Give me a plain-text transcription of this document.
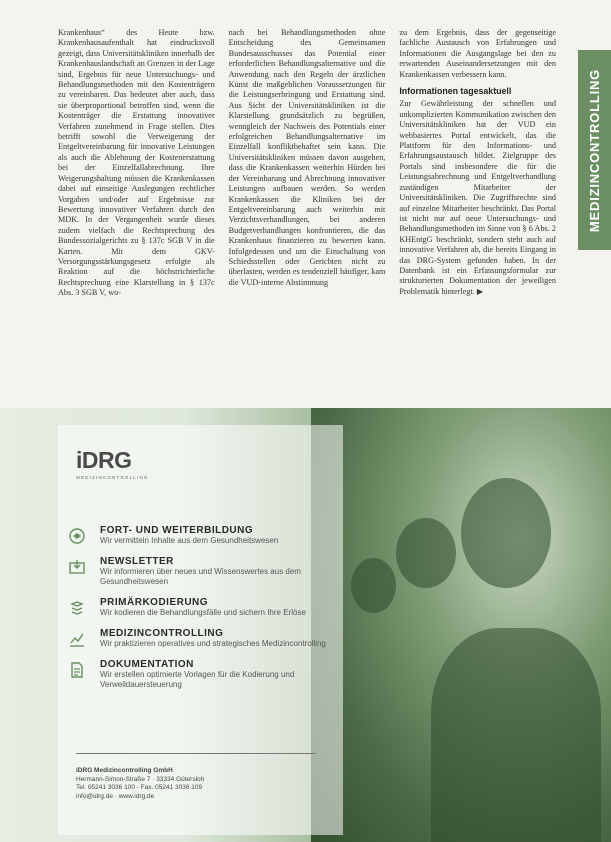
Krankenhaus“ des Heute bzw. Krankenhausaufenthalt hat eindrucksvoll gezeigt, dass Universitätskliniken innerhalb der Krankenhauslandschaft an Grenzen in der Lage sind, Ergebnis für neue Untersuchungs- und Behandlungsmethoden mit den Kostenträgern zu vereinbaren. Das bedeutet aber auch, dass sie überproportional betroffen sind, wenn die Kostenträger die Erstattung innovativer Verfahren zunehmend in Frage stellen. Dies betrifft sowohl die Verweigerung der Entgeltvereinbarung für innovative Leistungen als auch die Ablehnung der Kostenerstattung bei der Einzelfallabrechnung. Ihre Weigerungshaltung müssen die Krankenkassen dabei auf einseitige Auslegungen rechtlicher Vorgaben und/oder auf Ergebnisse zur Bewertung innovativer Verfahren durch den MDK. In der Vergangenheit wurde dieses zudem vielfach die Rechtsprechung des Bundessozialgerichts zu § 137c SGB V in die Karten. Mit dem GKV-Versorgungsstärkungsgesetz erfolgte als Reaktion auf die höchstrichterliche Rechtsprechung eine Klarstellung in § 137c Abs. 3 SGB V, wo-

nach bei Behandlungsmethoden ohne Entscheidung des Gemeinsamen Bundesausschusses das Potential einer erforderlichen Behandlungsalternative und die Anwendung nach den Regeln der ärztlichen Kunst die maßgeblichen Voraussetzungen für die Leistungserbringung und Erstattung sind. Aus Sicht der Universitätskliniken ist die Klarstellung grundsätzlich zu begrüßen, wenngleich der Nachweis des Potentials einer erfolgreichen Behandlungsalternative im Einzelfall konfliktbehaftet sein kann. Die Universitätskliniken müssen davon ausgehen, dass die Krankenkassen weiterhin Hürden bei der Vereinbarung und Abrechnung innovativer Leistungen aufbauen werden. So werden Krankenkassen die Kliniken bei der Entgeltvereinbarung auch weiterhin mit Verzichtsverhandlungen, bei anderen Budgetverhandlungen konfrontieren, die das Krankenhaus finanzieren zu bewerten kann. Infolgedessen und um die Einschaltung von Schiedsstellen oder Gerichten nicht zu überlasten, werden es tendenziell häufiger, kam die VUD-interne Abstimmung

zu dem Ergebnis, dass der gegenseitige fachliche Austausch von Erfahrungen und Informationen die Ausgangslage bei den zu erwartenden Auseinandersetzungen mit den Krankenkassen verbessern kann.

Informationen tagesaktuell

Zur Gewährleistung der schnellen und unkomplizierten Kommunikation zwischen den Universitätskliniken hat der VUD ein webbasiertes Portal entwickelt, das die Plattform für den Informations- und Erfahrungsaustausch bildet. Zielgruppe des Portals sind insbesondere die für die Leistungsabrechnung und Entgeltverhandlung zuständigen Mitarbeiter der Universitätskliniken. Die Zugriffsrechte sind auf einzelne Mitarbeiter beschränkt. Das Portal ist nicht nur auf neue Untersuchungs- und Behandlungsmethoden im Sinne von § 6 Abs. 2 KHEntgG beschränkt, sondern steht auch auf innovative Verfahren ab, die bereits Eingang in das DRG-System gefunden haben. In der Datenbank ist ein Erfassungsformular zur strukturierten Dokumentation der jeweiligen Problematik hinterlegt. ▶

MEDIZINCONTROLLING
iDRG
MEDIZINCONTROLLING
FORT- UND WEITERBILDUNG
Wir vermitteln Inhalte aus dem Gesundheitswesen
NEWSLETTER
Wir informieren über neues und Wissenswertes aus dem Gesundheitswesen
PRIMÄRKODIERUNG
Wir kodieren die Behandlungsfälle und sichern Ihre Erlöse
MEDIZINCONTROLLING
Wir praktizieren operatives und strategisches Medizincontrolling
DOKUMENTATION
Wir erstellen optimierte Vorlagen für die Kodierung und Verweildauersteuerung
iDRG Medizincontrolling GmbH
Hermann-Simon-Straße 7 · 33334 Gütersloh
Tel. 05241 3036 100 · Fax. 05241 3036 109
info@idrg.de · www.idrg.de
